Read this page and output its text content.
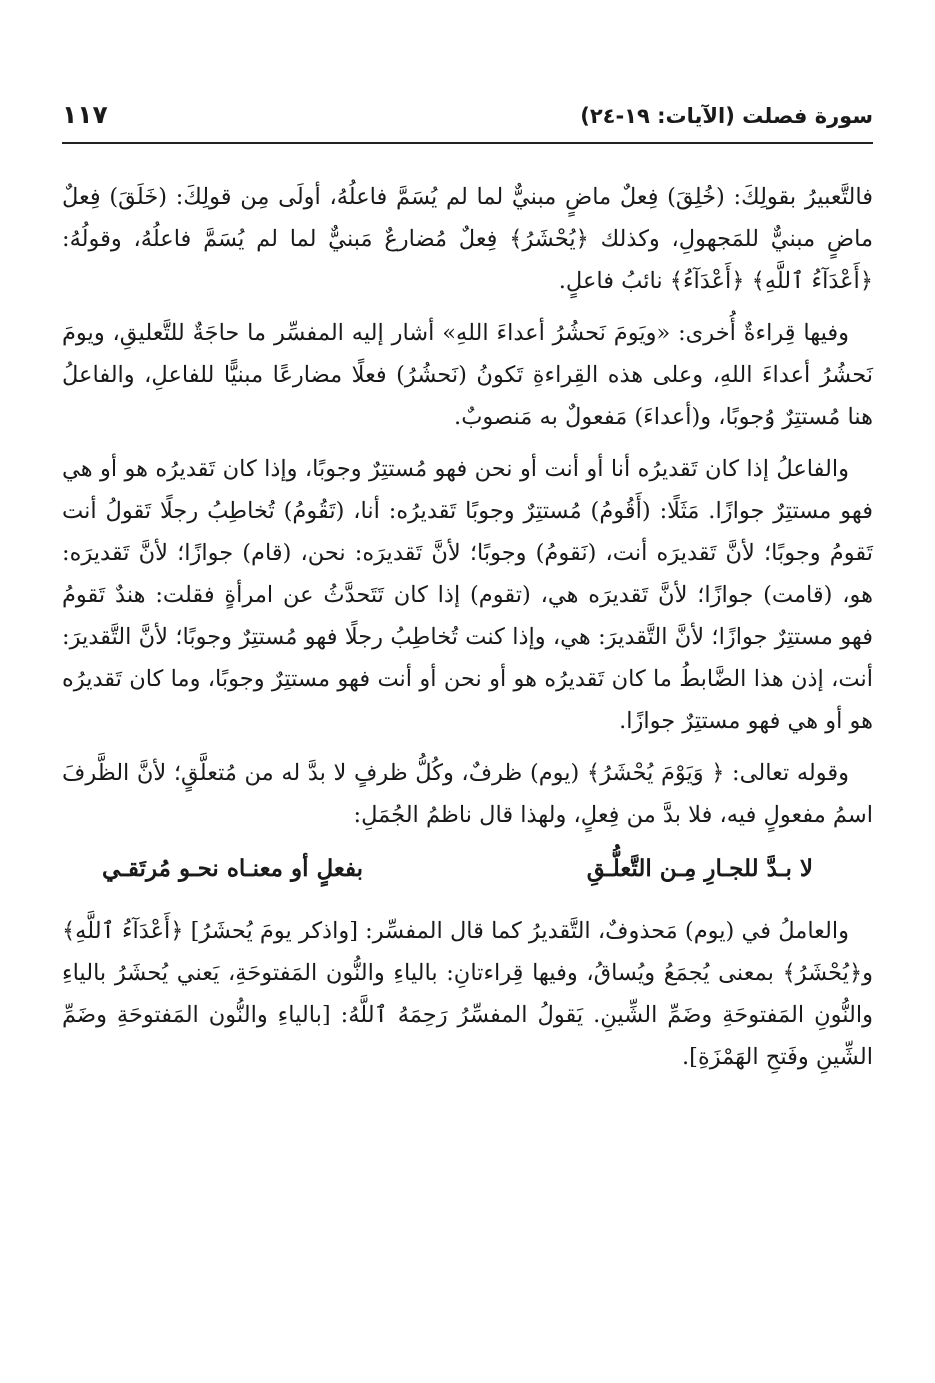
سورة فصلت (الآيات: ١٩-٢٤)
١١٧

فالتَّعبيرُ بقولِكَ: (خُلِقَ) فِعلٌ ماضٍ مبنيٌّ لما لم يُسَمَّ فاعلُهُ، أولَى مِن قولِكَ: (خَلَقَ) فِعلٌ ماضٍ مبنيٌّ للمَجهولِ، وكذلك ﴿يُحْشَرُ﴾ فِعلٌ مُضارعٌ مَبنيٌّ لما لم يُسَمَّ فاعلُهُ، وقولُهُ: ﴿أَعْدَآءُ ٱللَّهِ﴾ ﴿أَعْدَآءُ﴾ نائبُ فاعلٍ.

وفيها قِراءةٌ أُخرى: «ويَومَ نَحشُرُ أعداءَ اللهِ» أشار إليه المفسِّر ما حاجَةٌ للتَّعليقِ، ويومَ نَحشُرُ أعداءَ اللهِ، وعلى هذه القِراءةِ تَكونُ (نَحشُرُ) فعلًا مضارعًا مبنيًّا للفاعلِ، والفاعلُ هنا مُستتِرٌ وُجوبًا، و(أعداءَ) مَفعولٌ به مَنصوبٌ.

والفاعلُ إذا كان تَقديرُه أنا أو أنت أو نحن فهو مُستتِرٌ وجوبًا، وإذا كان تَقديرُه هو أو هي فهو مستتِرٌ جوازًا. مَثَلًا: (أَقُومُ) مُستتِرٌ وجوبًا تَقديرُه: أنا، (تَقُومُ) تُخاطِبُ رجلًا تَقولُ أنت تَقومُ وجوبًا؛ لأنَّ تَقديرَه أنت، (نَقومُ) وجوبًا؛ لأنَّ تَقديرَه: نحن، (قام) جوازًا؛ لأنَّ تَقديرَه: هو، (قامت) جوازًا؛ لأنَّ تَقديرَه هي، (تقوم) إذا كان تَتَحدَّثُ عن امرأةٍ فقلت: هندٌ تَقومُ فهو مستتِرٌ جوازًا؛ لأنَّ التَّقديرَ: هي، وإذا كنت تُخاطِبُ رجلًا فهو مُستتِرٌ وجوبًا؛ لأنَّ التَّقديرَ: أنت، إذن هذا الضَّابطُ ما كان تَقديرُه هو أو نحن أو أنت فهو مستتِرٌ وجوبًا، وما كان تَقديرُه هو أو هي فهو مستتِرٌ جوازًا.

وقوله تعالى: ﴿ وَيَوْمَ يُحْشَرُ﴾ (يوم) ظرفٌ، وكُلُّ ظرفٍ لا بدَّ له من مُتعلَّقٍ؛ لأنَّ الظَّرفَ اسمُ مفعولٍ فيه، فلا بدَّ من فِعلٍ، ولهذا قال ناظمُ الجُمَلِ:

لا بـدَّ للجـارِ مِـن التَّعلُّـقِ
بفعلٍ أو معنـاه نحـو مُرتَقـي

والعاملُ في (يوم) مَحذوفٌ، التَّقديرُ كما قال المفسِّر: [واذكر يومَ يُحشَرُ] ﴿أَعْدَآءُ ٱللَّهِ﴾ و﴿يُحْشَرُ﴾ بمعنى يُجمَعُ ويُساقُ، وفيها قِراءتانِ: بالياءِ والنُّون المَفتوحَةِ، يَعني يُحشَرُ بالياءِ والنُّونِ المَفتوحَةِ وضَمِّ الشِّينِ. يَقولُ المفسِّرُ رَحِمَهُ ٱللَّهُ: [بالياءِ والنُّون المَفتوحَةِ وضَمِّ الشِّينِ وفَتحِ الهَمْزَةِ].
